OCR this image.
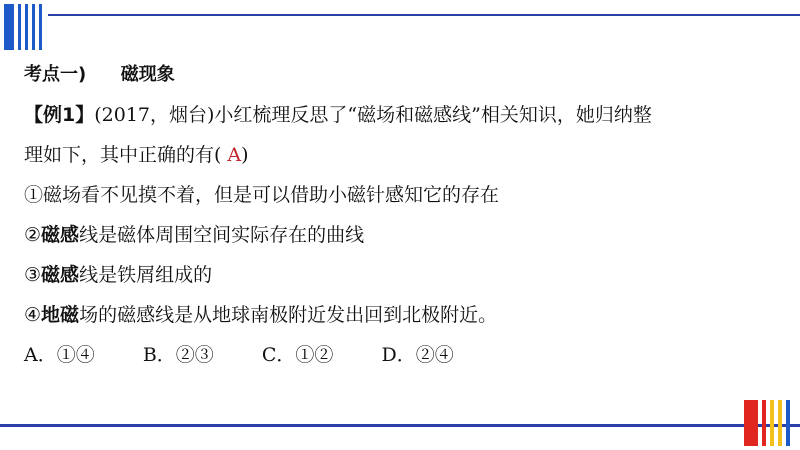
考点一) 磁现象
【例1】(2017，烟台)小红梳理反思了“磁场和磁感线”相关知识，她归纳整
理如下，其中正确的有( A)
①磁场看不见摸不着，但是可以借助小磁针感知它的存在
②磁感线是磁体周围空间实际存在的曲线
③磁感线是铁屑组成的
④地磁场的磁感线是从地球南极附近发出回到北极附近。
A．①④	B．②③	C．①②	D．②④
